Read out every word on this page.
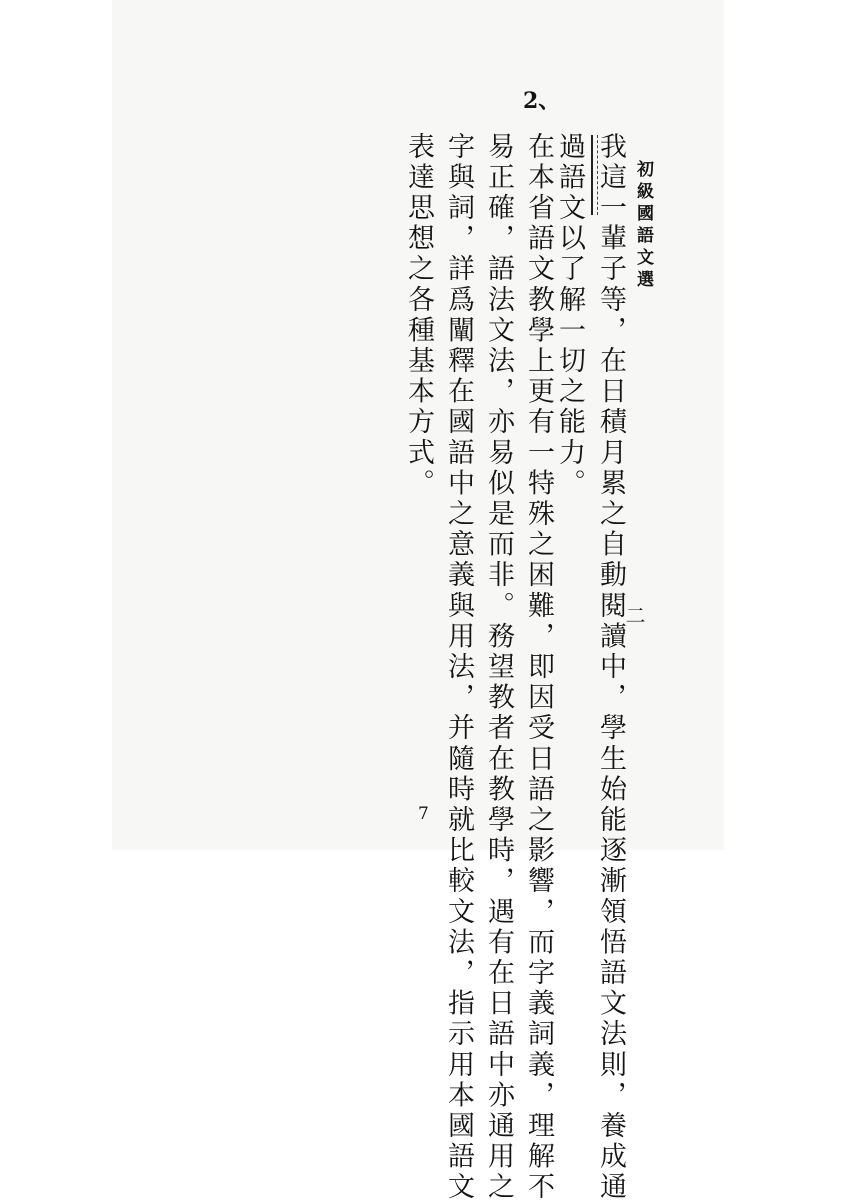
初級國語文選
二
2、
我這一輩子等，在日積月累之自動閱讀中，學生始能逐漸領悟語文法則，養成通
過語文以了解一切之能力。
在本省語文教學上更有一特殊之困難，即因受日語之影響，而字義詞義，理解不
易正確，語法文法，亦易似是而非。務望教者在教學時，遇有在日語中亦通用之
字與詞，詳爲闡釋在國語中之意義與用法，并隨時就比較文法，指示用本國語文
表達思想之各種基本方式。
7
